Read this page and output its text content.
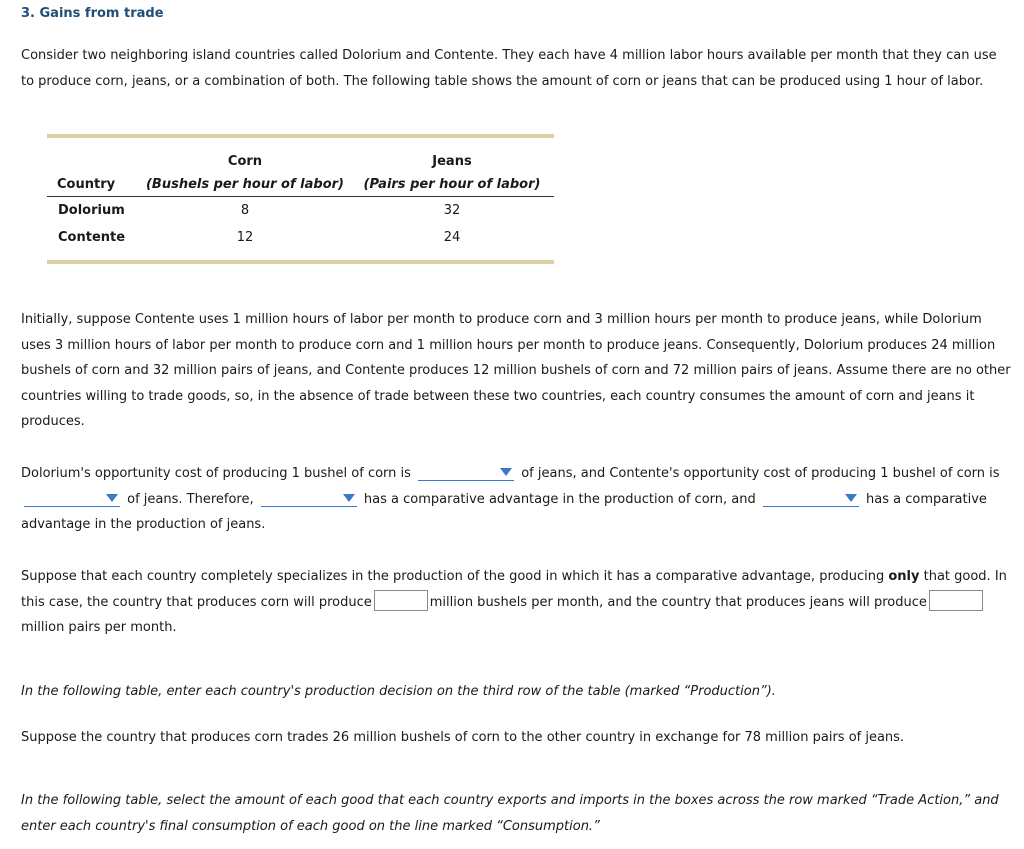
3. Gains from trade

Consider two neighboring island countries called Dolorium and Contente. They each have 4 million labor hours available per month that they can use to produce corn, jeans, or a combination of both. The following table shows the amount of corn or jeans that can be produced using 1 hour of labor.

	Corn	Jeans
Country	(Bushels per hour of labor)	(Pairs per hour of labor)
Dolorium	8	32
Contente	12	24

Initially, suppose Contente uses 1 million hours of labor per month to produce corn and 3 million hours per month to produce jeans, while Dolorium uses 3 million hours of labor per month to produce corn and 1 million hours per month to produce jeans. Consequently, Dolorium produces 24 million bushels of corn and 32 million pairs of jeans, and Contente produces 12 million bushels of corn and 72 million pairs of jeans. Assume there are no other countries willing to trade goods, so, in the absence of trade between these two countries, each country consumes the amount of corn and jeans it produces.

Dolorium's opportunity cost of producing 1 bushel of corn is	of jeans, and Contente's opportunity cost of producing 1 bushel of corn is
of jeans. Therefore,	has a comparative advantage in the production of corn, and	has a comparative advantage in the production of jeans.

Suppose that each country completely specializes in the production of the good in which it has a comparative advantage, producing only that good. In this case, the country that produces corn will produce	million bushels per month, and the country that produces jeans will produce million pairs per month.

In the following table, enter each country's production decision on the third row of the table (marked “Production”).

Suppose the country that produces corn trades 26 million bushels of corn to the other country in exchange for 78 million pairs of jeans.

In the following table, select the amount of each good that each country exports and imports in the boxes across the row marked “Trade Action,” and enter each country's final consumption of each good on the line marked “Consumption.”
